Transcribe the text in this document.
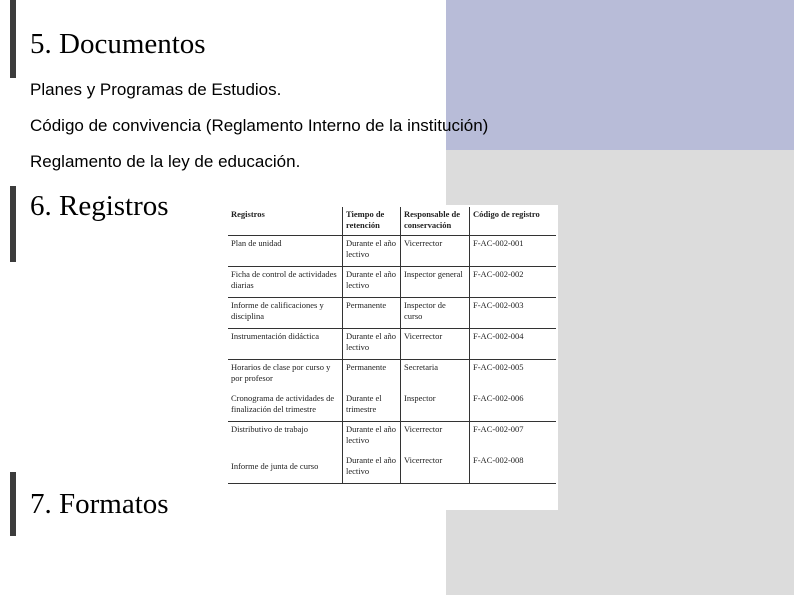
5. Documentos
Planes y Programas de Estudios.
Código de convivencia (Reglamento Interno de la institución)
Reglamento de la ley de educación.
6. Registros
7. Formatos
Registros	Tiempo de retención	Responsable de conservación	Código de registro
Plan de unidad	Durante el año lectivo	Vicerrector	F-AC-002-001
Ficha de control de actividades diarias	Durante el año lectivo	Inspector general	F-AC-002-002
Informe de calificaciones y disciplina	Permanente	Inspector de curso	F-AC-002-003
Instrumentación didáctica	Durante el año lectivo	Vicerrector	F-AC-002-004
Horarios de clase por curso y por profesor	Permanente	Secretaria	F-AC-002-005
Cronograma de actividades de finalización del trimestre	Durante el trimestre	Inspector	F-AC-002-006
Distributivo de trabajo	Durante el año lectivo	Vicerrector	F-AC-002-007
Informe de junta de curso	Durante el año lectivo	Vicerrector	F-AC-002-008
